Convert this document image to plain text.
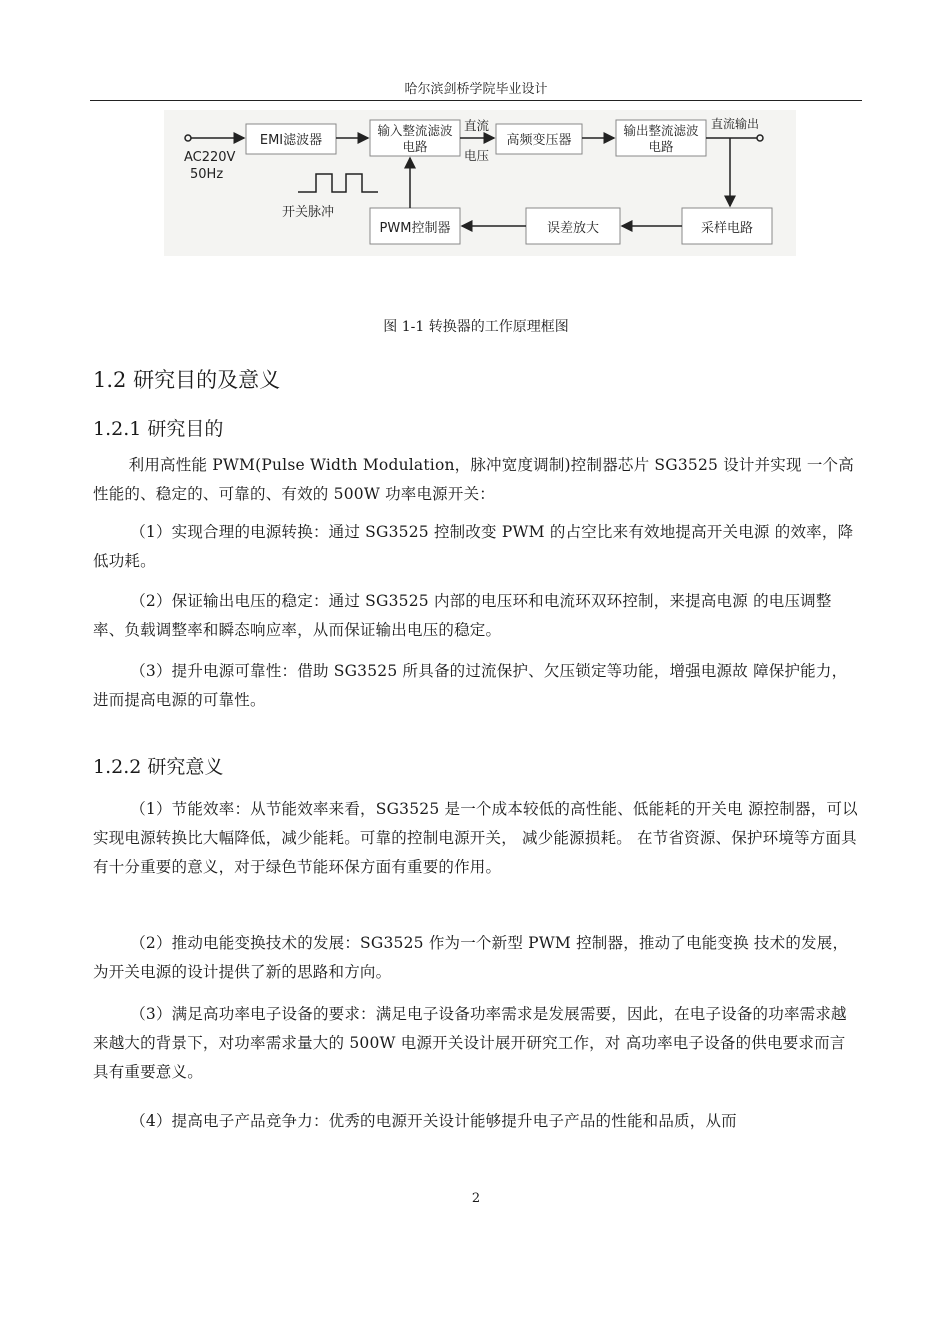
哈尔滨剑桥学院毕业设计
AC220V
50Hz
EMI滤波器
输入整流滤波
电路
直流
电压
高频变压器
输出整流滤波
电路
直流输出
采样电路
误差放大
PWM控制器
开关脉冲
图 1-1 转换器的工作原理框图
1.2 研究目的及意义
1.2.1 研究目的
利用高性能 PWM(Pulse Width Modulation，脉冲宽度调制)控制器芯片 SG3525 设计并实现 一个高性能的、稳定的、可靠的、有效的 500W 功率电源开关：
（1）实现合理的电源转换：通过 SG3525 控制改变 PWM 的占空比来有效地提高开关电源 的效率，降低功耗。
（2）保证输出电压的稳定：通过 SG3525 内部的电压环和电流环双环控制，来提高电源 的电压调整率、负载调整率和瞬态响应率，从而保证输出电压的稳定。
（3）提升电源可靠性：借助 SG3525 所具备的过流保护、欠压锁定等功能，增强电源故 障保护能力，进而提高电源的可靠性。
1.2.2 研究意义
（1）节能效率：从节能效率来看，SG3525 是一个成本较低的高性能、低能耗的开关电 源控制器，可以实现电源转换比大幅降低，减少能耗。可靠的控制电源开关， 减少能源损耗。 在节省资源、保护环境等方面具有十分重要的意义，对于绿色节能环保方面有重要的作用。
（2）推动电能变换技术的发展：SG3525 作为一个新型 PWM 控制器，推动了电能变换 技术的发展，为开关电源的设计提供了新的思路和方向。
（3）满足高功率电子设备的要求：满足电子设备功率需求是发展需要，因此，在电子设备的功率需求越来越大的背景下，对功率需求量大的 500W 电源开关设计展开研究工作，对 高功率电子设备的供电要求而言具有重要意义。
（4）提高电子产品竞争力：优秀的电源开关设计能够提升电子产品的性能和品质，从而
2
